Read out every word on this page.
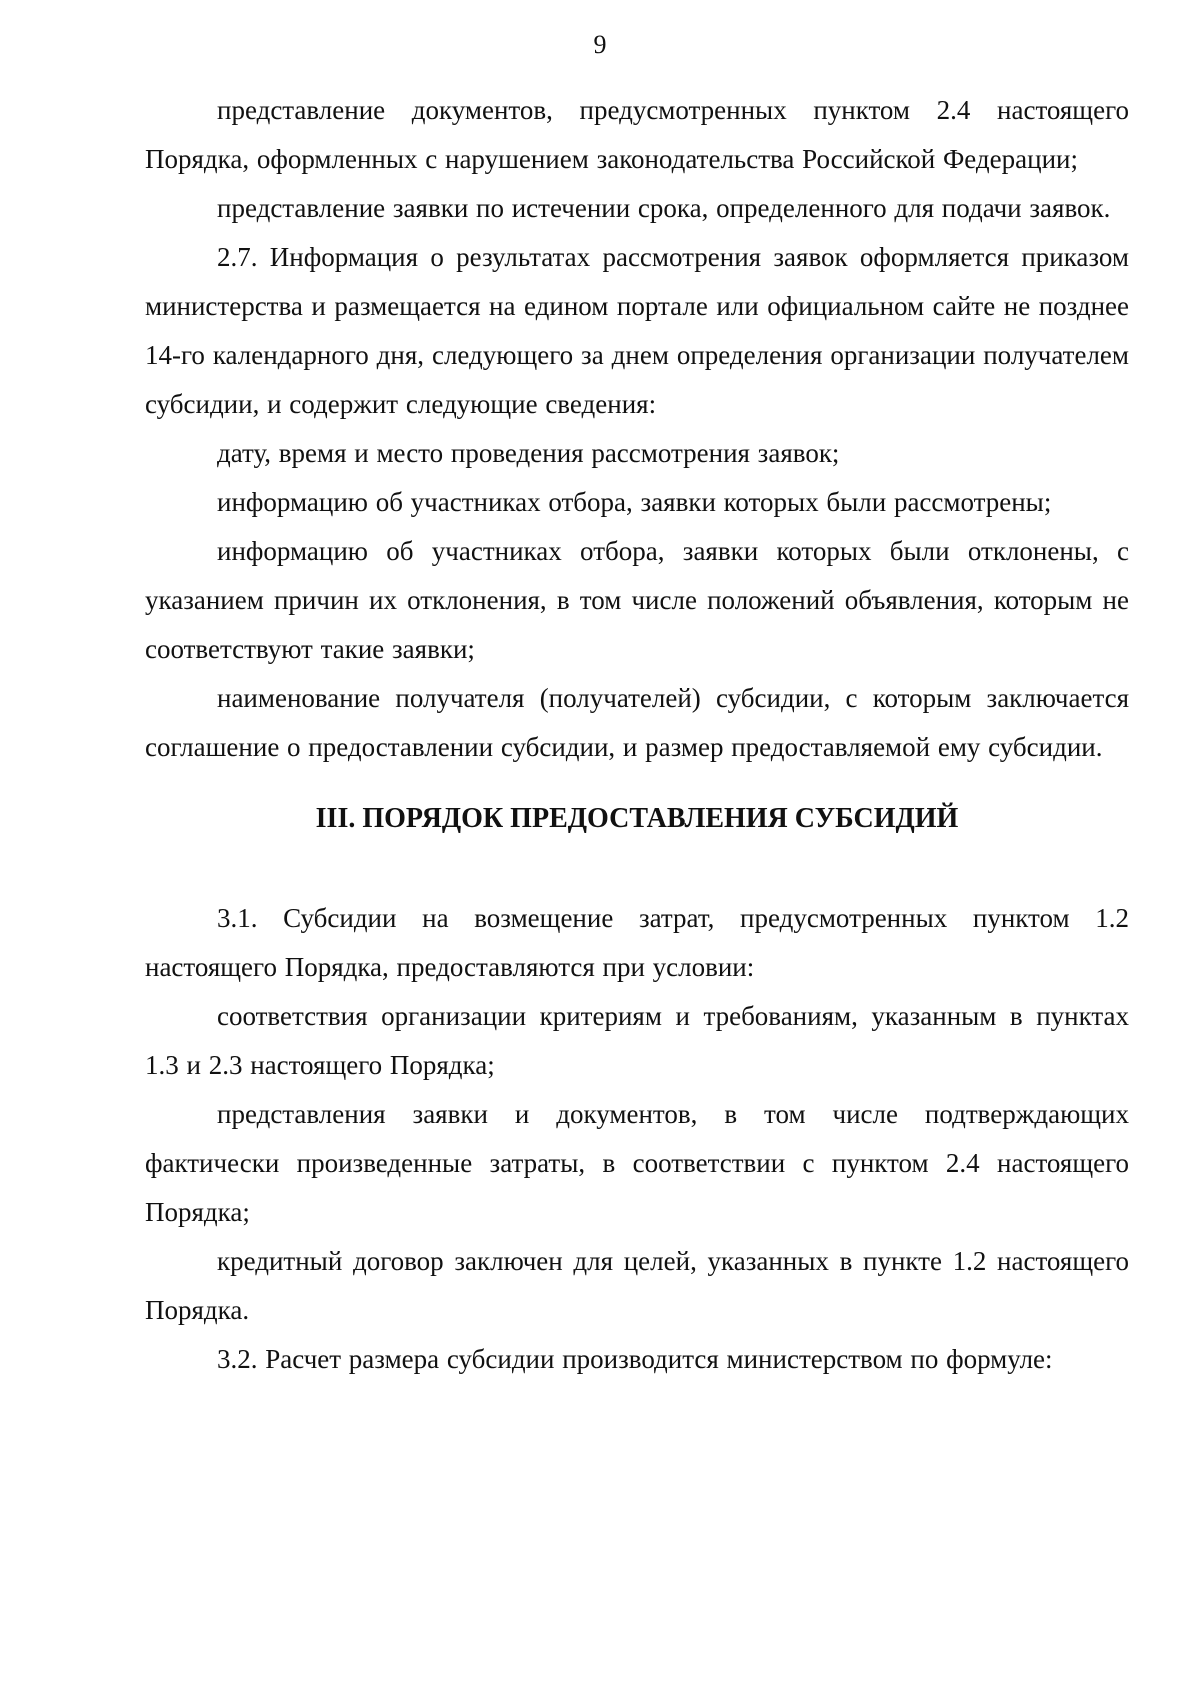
9

представление документов, предусмотренных пунктом 2.4 настоящего Порядка, оформленных с нарушением законодательства Российской Федерации;

представление заявки по истечении срока, определенного для подачи заявок.

2.7. Информация о результатах рассмотрения заявок оформляется приказом министерства и размещается на едином портале или официальном сайте не позднее 14-го календарного дня, следующего за днем определения организации получателем субсидии, и содержит следующие сведения:

дату, время и место проведения рассмотрения заявок;

информацию об участниках отбора, заявки которых были рассмотрены;

информацию об участниках отбора, заявки которых были отклонены, с указанием причин их отклонения, в том числе положений объявления, которым не соответствуют такие заявки;

наименование получателя (получателей) субсидии, с которым заключается соглашение о предоставлении субсидии, и размер предоставляемой ему субсидии.

III. ПОРЯДОК ПРЕДОСТАВЛЕНИЯ СУБСИДИЙ

3.1. Субсидии на возмещение затрат, предусмотренных пунктом 1.2 настоящего Порядка, предоставляются при условии:

соответствия организации критериям и требованиям, указанным в пунктах 1.3 и 2.3 настоящего Порядка;

представления заявки и документов, в том числе подтверждающих фактически произведенные затраты, в соответствии с пунктом 2.4 настоящего Порядка;

кредитный договор заключен для целей, указанных в пункте 1.2 настоящего Порядка.

3.2. Расчет размера субсидии производится министерством по формуле:
